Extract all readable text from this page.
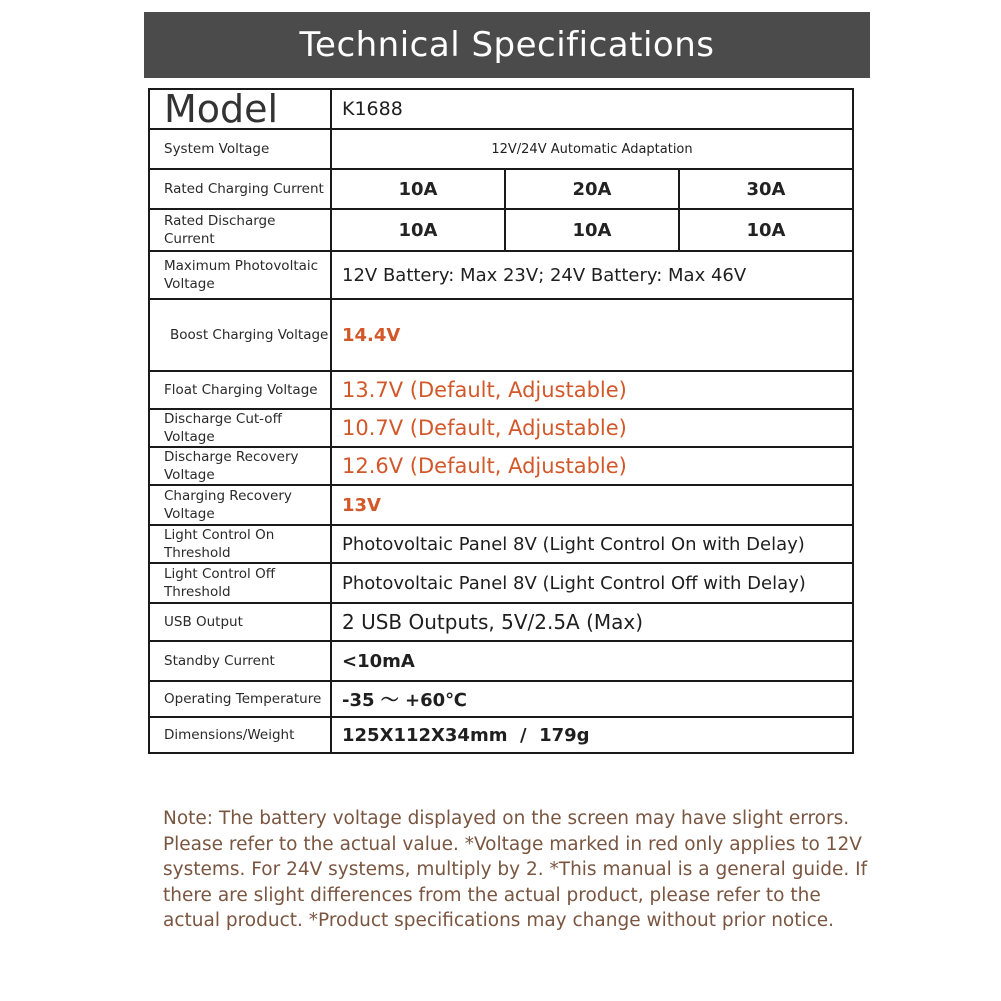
Technical Specifications
Model	K1688
System Voltage	12V/24V Automatic Adaptation
Rated Charging Current	10A	20A	30A
Rated Discharge Current	10A	10A	10A
Maximum Photovoltaic Voltage	12V Battery: Max 23V; 24V Battery: Max 46V
Boost Charging Voltage 14.4V
Float Charging Voltage	13.7V (Default, Adjustable)
Discharge Cut-off Voltage	10.7V (Default, Adjustable)
Discharge Recovery Voltage	12.6V (Default, Adjustable)
Charging Recovery Voltage	13V
Light Control On Threshold	Photovoltaic Panel 8V (Light Control On with Delay)
Light Control Off Threshold	Photovoltaic Panel 8V (Light Control Off with Delay)
USB Output	2 USB Outputs, 5V/2.5A (Max)
Standby Current	<10mA
Operating Temperature	-35 ～ +60℃
Dimensions/Weight	125X112X34mm  /  179g
Note: The battery voltage displayed on the screen may have slight errors. Please refer to the actual value. *Voltage marked in red only applies to 12V systems. For 24V systems, multiply by 2. *This manual is a general guide. If there are slight differences from the actual product, please refer to the actual product. *Product specifications may change without prior notice.
